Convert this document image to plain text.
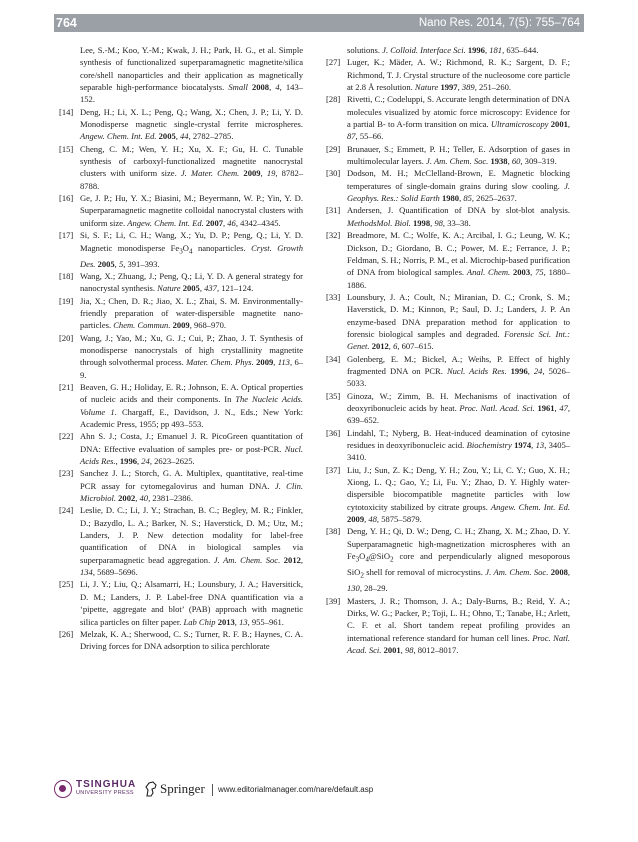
764	Nano Res. 2014, 7(5): 755–764
Lee, S.-M.; Koo, Y.-M.; Kwak, J. H.; Park, H. G., et al. Simple synthesis of functionalized superparamagnetic magnetite/silica core/shell nanoparticles and their application as magnetically separable high-performance biocatalysts. Small 2008, 4, 143–152.
[14] Deng, H.; Li, X. L.; Peng, Q.; Wang, X.; Chen, J. P.; Li, Y. D. Monodisperse magnetic single-crystal ferrite microspheres. Angew. Chem. Int. Ed. 2005, 44, 2782–2785.
[15] Cheng, C. M.; Wen, Y. H.; Xu, X. F.; Gu, H. C. Tunable synthesis of carboxyl-functionalized magnetite nanocrystal clusters with uniform size. J. Mater. Chem. 2009, 19, 8782–8788.
[16] Ge, J. P.; Hu, Y. X.; Biasini, M.; Beyermann, W. P.; Yin, Y. D. Superparamagnetic magnetite colloidal nanocrystal clusters with uniform size. Angew. Chem. Int. Ed. 2007, 46, 4342–4345.
[17] Si, S. F.; Li, C. H.; Wang, X.; Yu, D. P.; Peng, Q.; Li, Y. D. Magnetic monodisperse $Fe_3O_4$ nanoparticles. Cryst. Growth Des. 2005, 5, 391–393.
[18] Wang, X.; Zhuang, J.; Peng, Q.; Li, Y. D. A general strategy for nanocrystal synthesis. Nature 2005, 437, 121–124.
[19] Jia, X.; Chen, D. R.; Jiao, X. L.; Zhai, S. M. Environmentally-friendly preparation of water-dispersible magnetite nano-particles. Chem. Commun. 2009, 968–970.
[20] Wang, J.; Yao, M.; Xu, G. J.; Cui, P.; Zhao, J. T. Synthesis of monodisperse nanocrystals of high crystallinity magnetite through solvothermal process. Mater. Chem. Phys. 2009, 113, 6–9.
[21] Beaven, G. H.; Holiday, E. R.; Johnson, E. A. Optical properties of nucleic acids and their components. In The Nucleic Acids. Volume 1. Chargaff, E., Davidson, J. N., Eds.; New York: Academic Press, 1955; pp 493–553.
[22] Ahn S. J.; Costa, J.; Emanuel J. R. PicoGreen quantitation of DNA: Effective evaluation of samples pre- or post-PCR. Nucl. Acids Res., 1996, 24, 2623–2625.
[23] Sanchez J. L.; Storch, G. A. Multiplex, quantitative, real-time PCR assay for cytomegalovirus and human DNA. J. Clin. Microbiol. 2002, 40, 2381–2386.
[24] Leslie, D. C.; Li, J. Y.; Strachan, B. C.; Begley, M. R.; Finkler, D.; Bazydlo, L. A.; Barker, N. S.; Haverstick, D. M.; Utz, M.; Landers, J. P. New detection modality for label-free quantification of DNA in biological samples via superparamagnetic bead aggregation. J. Am. Chem. Soc. 2012, 134, 5689–5696.
[25] Li, J. Y.; Liu, Q.; Alsamarri, H.; Lounsbury, J. A.; Haversitick, D. M.; Landers, J. P. Label-free DNA quantification via a ‘pipette, aggregate and blot’ (PAB) approach with magnetic silica particles on filter paper. Lab Chip 2013, 13, 955–961.
[26] Melzak, K. A.; Sherwood, C. S.; Turner, R. F. B.; Haynes, C. A. Driving forces for DNA adsorption to silica perchlorate
solutions. J. Colloid. Interface Sci. 1996, 181, 635–644.
[27] Luger, K.; Mäder, A. W.; Richmond, R. K.; Sargent, D. F.; Richmond, T. J. Crystal structure of the nucleosome core particle at 2.8 Å resolution. Nature 1997, 389, 251–260.
[28] Rivetti, C.; Codeluppi, S. Accurate length determination of DNA molecules visualized by atomic force microscopy: Evidence for a partial B- to A-form transition on mica. Ultramicroscopy 2001, 87, 55–66.
[29] Brunauer, S.; Emmett, P. H.; Teller, E. Adsorption of gases in multimolecular layers. J. Am. Chem. Soc. 1938, 60, 309–319.
[30] Dodson, M. H.; McClelland-Brown, E. Magnetic blocking temperatures of single-domain grains during slow cooling. J. Geophys. Res.: Solid Earth 1980, 85, 2625–2637.
[31] Andersen, J. Quantification of DNA by slot-blot analysis. MethodsMol. Biol. 1998, 98, 33–38.
[32] Breadmore, M. C.; Wolfe, K. A.; Arcibal, I. G.; Leung, W. K.; Dickson, D.; Giordano, B. C.; Power, M. E.; Ferrance, J. P.; Feldman, S. H.; Norris, P. M., et al. Microchip-based purification of DNA from biological samples. Anal. Chem. 2003, 75, 1880–1886.
[33] Lounsbury, J. A.; Coult, N.; Miranian, D. C.; Cronk, S. M.; Haverstick, D. M.; Kinnon, P.; Saul, D. J.; Landers, J. P. An enzyme-based DNA preparation method for application to forensic biological samples and degraded. Forensic Sci. Int.: Genet. 2012, 6, 607–615.
[34] Golenberg, E. M.; Bickel, A.; Weihs, P. Effect of highly fragmented DNA on PCR. Nucl. Acids Res. 1996, 24, 5026–5033.
[35] Ginoza, W.; Zimm, B. H. Mechanisms of inactivation of deoxyribonucleic acids by heat. Proc. Natl. Acad. Sci. 1961, 47, 639–652.
[36] Lindahl, T.; Nyberg, B. Heat-induced deamination of cytosine residues in deoxyribonucleic acid. Biochemistry 1974, 13, 3405–3410.
[37] Liu, J.; Sun, Z. K.; Deng, Y. H.; Zou, Y.; Li, C. Y.; Guo, X. H.; Xiong, L. Q.; Gao, Y.; Li, Fu. Y.; Zhao, D. Y. Highly water-dispersible biocompatible magnetite particles with low cytotoxicity stabilized by citrate groups. Angew. Chem. Int. Ed. 2009, 48, 5875–5879.
[38] Deng, Y. H.; Qi, D. W.; Deng, C. H.; Zhang, X. M.; Zhao, D. Y. Superparamagnetic high-magnetization microspheres with an $Fe_3O_4@SiO_2$ core and perpendicularly aligned mesoporous SiO$_2$ shell for removal of microcystins. J. Am. Chem. Soc. 2008, 130, 28–29.
[39] Masters, J. R.; Thomson, J. A.; Daly-Burns, B.; Reid, Y. A.; Dirks, W. G.; Packer, P.; Toji, L. H.; Ohno, T.; Tanabe, H.; Arlett, C. F. et al. Short tandem repeat profiling provides an international reference standard for human cell lines. Proc. Natl. Acad. Sci. 2001, 98, 8012–8017.
TSINGHUA
UNIVERSITY PRESS Springer www.editorialmanager.com/nare/default.asp
